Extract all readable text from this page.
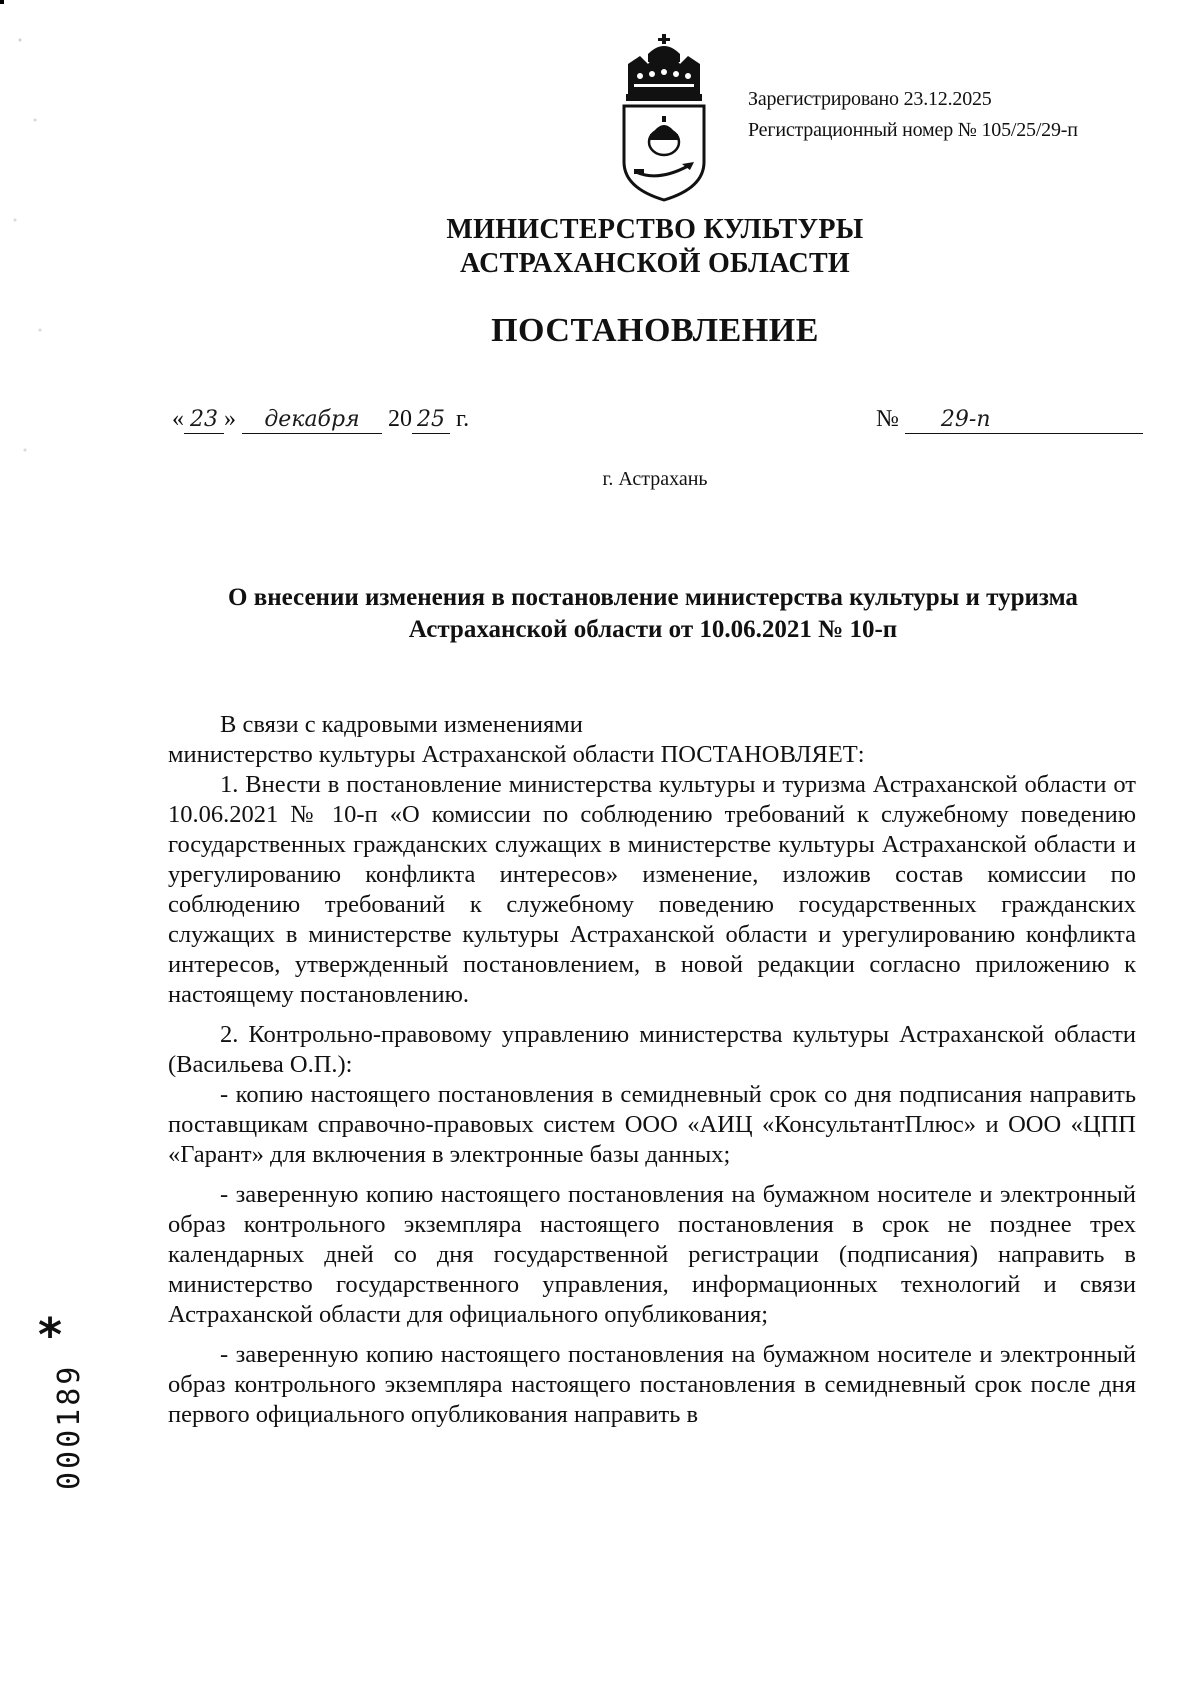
Зарегистрировано 23.12.2025
Регистрационный номер № 105/25/29-п
МИНИСТЕРСТВО КУЛЬТУРЫ
АСТРАХАНСКОЙ ОБЛАСТИ
ПОСТАНОВЛЕНИЕ
« 23 » декабря 20 25 г.	№ 29-п
г. Астрахань
О внесении изменения в постановление министерства культуры и туризма Астраханской области от 10.06.2021 № 10-п

В связи с кадровыми изменениями

министерство культуры Астраханской области ПОСТАНОВЛЯЕТ:

1. Внести в постановление министерства культуры и туризма Астраханской области от 10.06.2021 № 10-п «О комиссии по соблюдению требований к служебному поведению государственных гражданских служащих в министерстве культуры Астраханской области и урегулированию конфликта интересов» изменение, изложив состав комиссии по соблюдению требований к служебному поведению государственных гражданских служащих в министерстве культуры Астраханской области и урегулированию конфликта интересов, утвержденный постановлением, в новой редакции согласно приложению к настоящему постановлению.

2. Контрольно-правовому управлению министерства культуры Астраханской области (Васильева О.П.):

- копию настоящего постановления в семидневный срок со дня подписания направить поставщикам справочно-правовых систем ООО «АИЦ «КонсультантПлюс» и ООО «ЦПП «Гарант» для включения в электронные базы данных;

- заверенную копию настоящего постановления на бумажном носителе и электронный образ контрольного экземпляра настоящего постановления в срок не позднее трех календарных дней со дня государственной регистрации (подписания) направить в министерство государственного управления, информационных технологий и связи Астраханской области для официального опубликования;

- заверенную копию настоящего постановления на бумажном носителе и электронный образ контрольного экземпляра настоящего постановления в семидневный срок после дня первого официального опубликования направить в

*
000189
